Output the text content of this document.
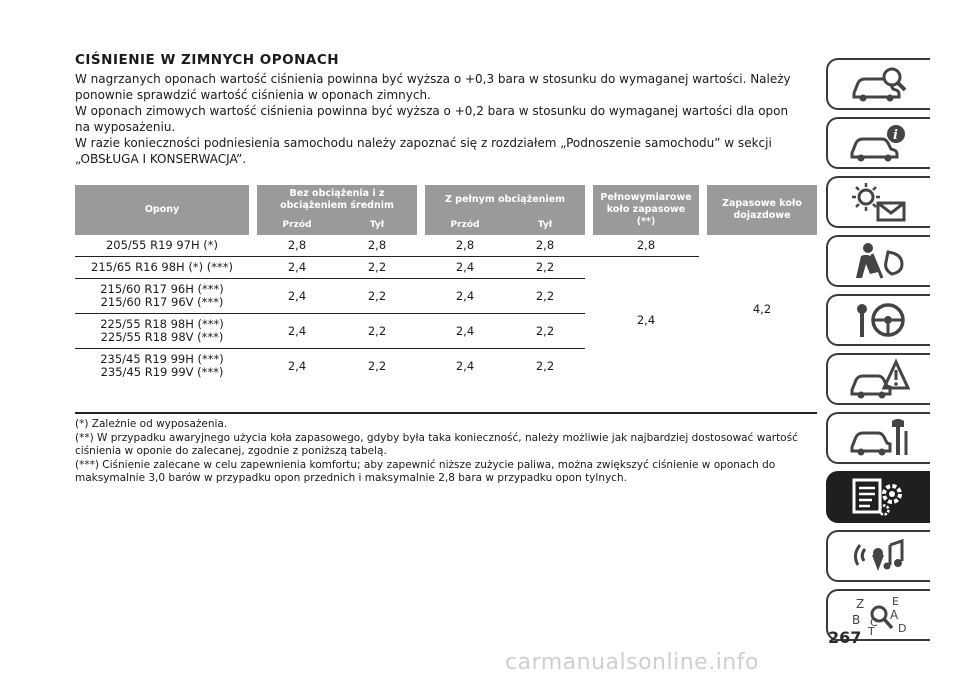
CIŚNIENIE W ZIMNYCH OPONACH

W nagrzanych oponach wartość ciśnienia powinna być wyższa o +0,3 bara w stosunku do wymaganej wartości. Należy ponownie sprawdzić wartość ciśnienia w oponach zimnych.

W oponach zimowych wartość ciśnienia powinna być wyższa o +0,2 bara w stosunku do wymaganej wartości dla opon na wyposażeniu.

W razie konieczności podniesienia samochodu należy zapoznać się z rozdziałem „Podnoszenie samochodu” w sekcji „OBSŁUGA I KONSERWACJA”.

Opony		Bez obciążenia i z obciążeniem średnim			Z pełnym obciążeniem			Pełnowymiarowe koło zapasowe (**)		Zapasowe koło dojazdowe
		Przód	Tył		Przód	Tył				
205/55 R19 97H (*)		2,8	2,8		2,8	2,8		2,8		4,2
215/65 R16 98H (*) (***)		2,4	2,2		2,4	2,2		2,4		

215/60 R17 96H (***)
215/60 R17 96V (***)		2,4	2,2		2,4	2,2				

225/55 R18 98H (***)
225/55 R18 98V (***)		2,4	2,2		2,4	2,2				

235/45 R19 99H (***)
235/45 R19 99V (***)		2,4	2,2		2,4	2,2				

(*) Zależnie od wyposażenia.

(**) W przypadku awaryjnego użycia koła zapasowego, gdyby była taka konieczność, należy możliwie jak najbardziej dostosować wartość ciśnienia w oponie do zalecanej, zgodnie z poniższą tabelą.

(***) Ciśnienie zalecane w celu zapewnienia komfortu; aby zapewnić niższe zużycie paliwa, można zwiększyć ciśnienie w oponach do maksymalnie 3,0 barów w przypadku opon przednich i maksymalnie 2,8 bara w przypadku opon tylnych.

i
Z	E
B A
C
T D
267
carmanualsonline.info
